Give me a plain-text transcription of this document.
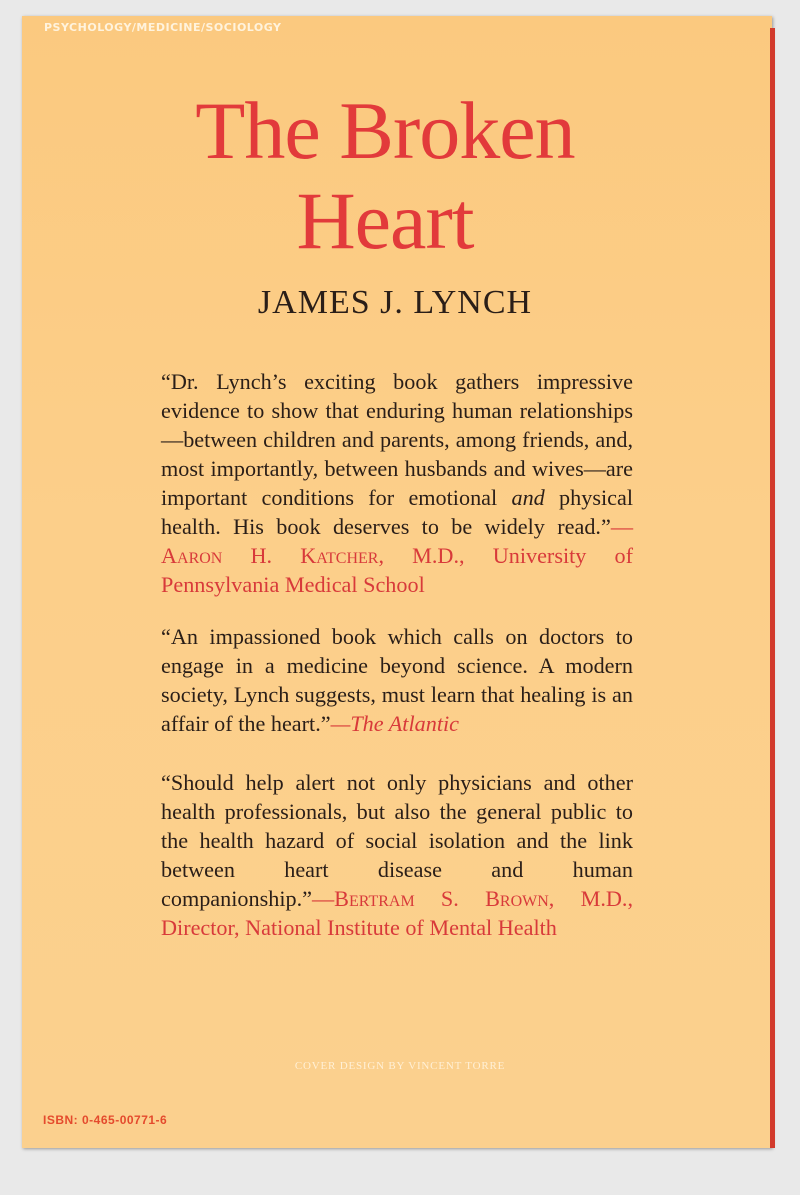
PSYCHOLOGY/MEDICINE/SOCIOLOGY
The Broken
Heart
JAMES J. LYNCH
“Dr. Lynch’s exciting book gathers impressive evidence to show that enduring human relationships—between children and parents, among friends, and, most importantly, between husbands and wives—are important conditions for emotional and physical health. His book deserves to be widely read.”—Aaron H. Katcher, M.D., University of Pennsylvania Medical School
“An impassioned book which calls on doctors to engage in a medicine beyond science. A modern society, Lynch suggests, must learn that healing is an affair of the heart.”—The Atlantic
“Should help alert not only physicians and other health professionals, but also the general public to the health hazard of social isolation and the link between heart disease and human companionship.”—Bertram S. Brown, M.D., Director, National Institute of Mental Health
COVER DESIGN BY VINCENT TORRE
ISBN: 0-465-00771-6
